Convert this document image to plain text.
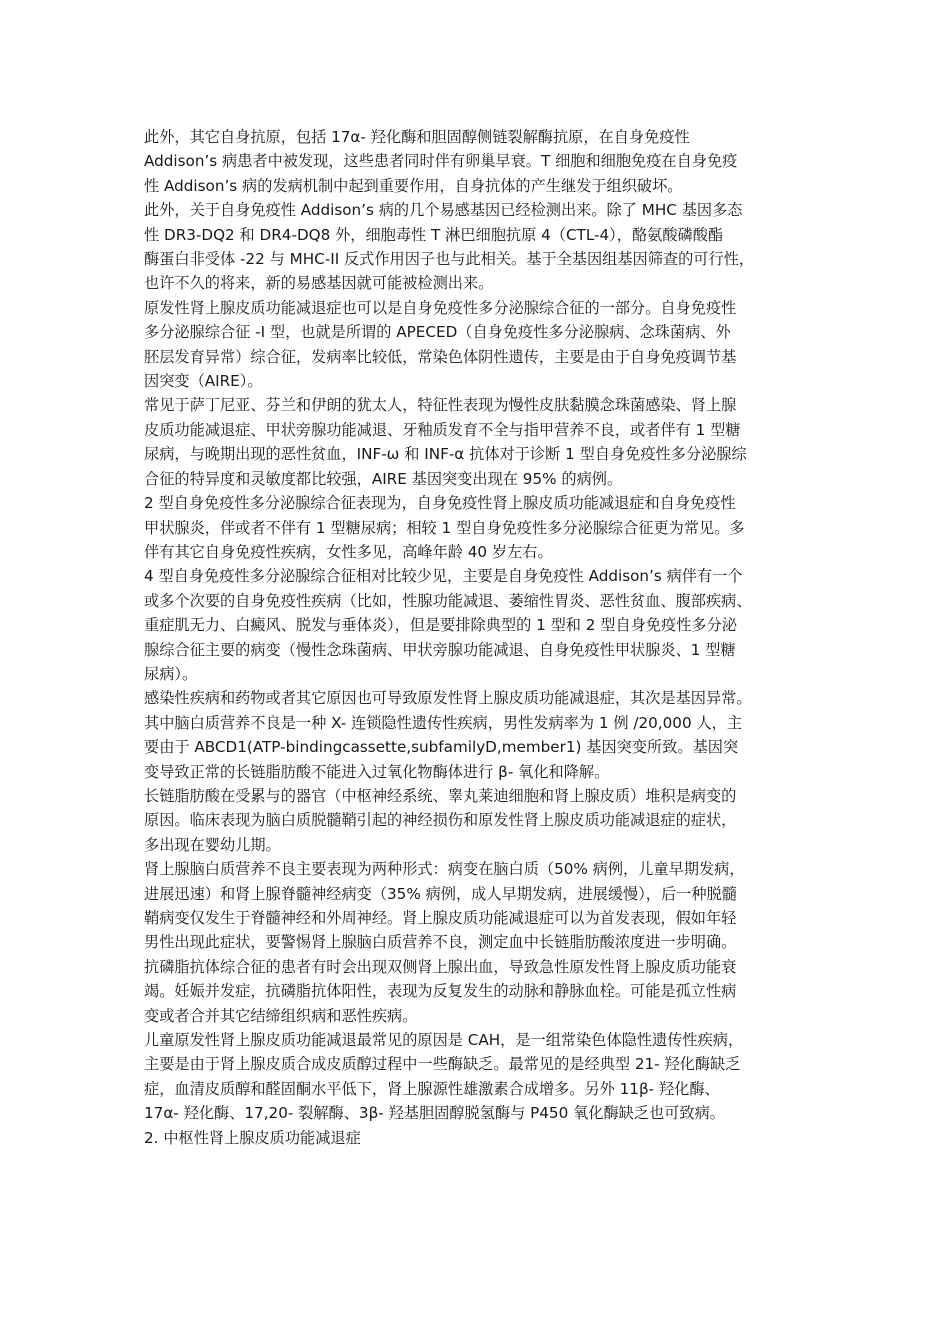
此外，其它自身抗原，包括 17α- 羟化酶和胆固醇侧链裂解酶抗原，在自身免疫性
Addison’s 病患者中被发现，这些患者同时伴有卵巢早衰。T 细胞和细胞免疫在自身免疫
性 Addison’s 病的发病机制中起到重要作用，自身抗体的产生继发于组织破坏。

此外，关于自身免疫性 Addison’s 病的几个易感基因已经检测出来。除了 MHC 基因多态
性 DR3-DQ2 和 DR4-DQ8 外，细胞毒性 T 淋巴细胞抗原 4（CTL-4），酪氨酸磷酸酯
酶蛋白非受体 -22 与 MHC-II 反式作用因子也与此相关。基于全基因组基因筛查的可行性，
也许不久的将来，新的易感基因就可能被检测出来。

原发性肾上腺皮质功能减退症也可以是自身免疫性多分泌腺综合征的一部分。自身免疫性
多分泌腺综合征 -I 型，也就是所谓的 APECED（自身免疫性多分泌腺病、念珠菌病、外
胚层发育异常）综合征，发病率比较低，常染色体阴性遗传，主要是由于自身免疫调节基
因突变（AIRE）。

常见于萨丁尼亚、芬兰和伊朗的犹太人，特征性表现为慢性皮肤黏膜念珠菌感染、肾上腺
皮质功能减退症、甲状旁腺功能减退、牙釉质发育不全与指甲营养不良，或者伴有 1 型糖
尿病，与晚期出现的恶性贫血，INF-ω 和 INF-α 抗体对于诊断 1 型自身免疫性多分泌腺综
合征的特异度和灵敏度都比较强，AIRE 基因突变出现在 95% 的病例。

2 型自身免疫性多分泌腺综合征表现为，自身免疫性肾上腺皮质功能减退症和自身免疫性
甲状腺炎，伴或者不伴有 1 型糖尿病；相较 1 型自身免疫性多分泌腺综合征更为常见。多
伴有其它自身免疫性疾病，女性多见，高峰年龄 40 岁左右。

4 型自身免疫性多分泌腺综合征相对比较少见，主要是自身免疫性 Addison’s 病伴有一个
或多个次要的自身免疫性疾病（比如，性腺功能减退、萎缩性胃炎、恶性贫血、腹部疾病、
重症肌无力、白癜风、脱发与垂体炎），但是要排除典型的 1 型和 2 型自身免疫性多分泌
腺综合征主要的病变（慢性念珠菌病、甲状旁腺功能减退、自身免疫性甲状腺炎、1 型糖
尿病）。

感染性疾病和药物或者其它原因也可导致原发性肾上腺皮质功能减退症，其次是基因异常。
其中脑白质营养不良是一种 X- 连锁隐性遗传性疾病，男性发病率为 1 例 /20,000 人，主
要由于 ABCD1(ATP-bindingcassette,subfamilyD,member1) 基因突变所致。基因突
变导致正常的长链脂肪酸不能进入过氧化物酶体进行 β- 氧化和降解。

长链脂肪酸在受累与的器官（中枢神经系统、睾丸莱迪细胞和肾上腺皮质）堆积是病变的
原因。临床表现为脑白质脱髓鞘引起的神经损伤和原发性肾上腺皮质功能减退症的症状，
多出现在婴幼儿期。

肾上腺脑白质营养不良主要表现为两种形式：病变在脑白质（50% 病例，儿童早期发病，
进展迅速）和肾上腺脊髓神经病变（35% 病例，成人早期发病，进展缓慢），后一种脱髓
鞘病变仅发生于脊髓神经和外周神经。肾上腺皮质功能减退症可以为首发表现，假如年轻
男性出现此症状，要警惕肾上腺脑白质营养不良，测定血中长链脂肪酸浓度进一步明确。

抗磷脂抗体综合征的患者有时会出现双侧肾上腺出血，导致急性原发性肾上腺皮质功能衰
竭。妊娠并发症，抗磷脂抗体阳性，表现为反复发生的动脉和静脉血栓。可能是孤立性病
变或者合并其它结缔组织病和恶性疾病。

儿童原发性肾上腺皮质功能减退最常见的原因是 CAH，是一组常染色体隐性遗传性疾病，
主要是由于肾上腺皮质合成皮质醇过程中一些酶缺乏。最常见的是经典型 21- 羟化酶缺乏
症，血清皮质醇和醛固酮水平低下，肾上腺源性雄激素合成增多。另外 11β- 羟化酶、
17α- 羟化酶、17,20- 裂解酶、3β- 羟基胆固醇脱氢酶与 P450 氧化酶缺乏也可致病。

2. 中枢性肾上腺皮质功能减退症
